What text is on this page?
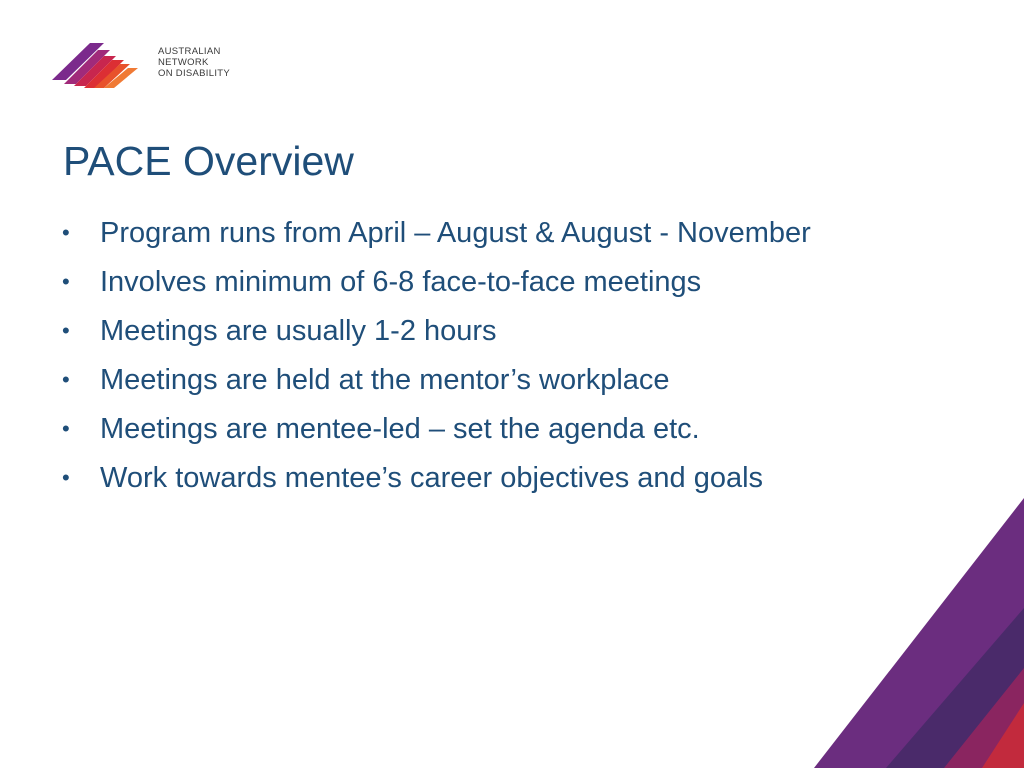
AUSTRALIAN
NETWORK
ON DISABILITY
PACE Overview
• Program runs from April – August & August - November
• Involves minimum of 6-8 face-to-face meetings
• Meetings are usually 1-2 hours
• Meetings are held at the mentor’s workplace
• Meetings are mentee-led – set the agenda etc.
• Work towards mentee’s career objectives and goals
